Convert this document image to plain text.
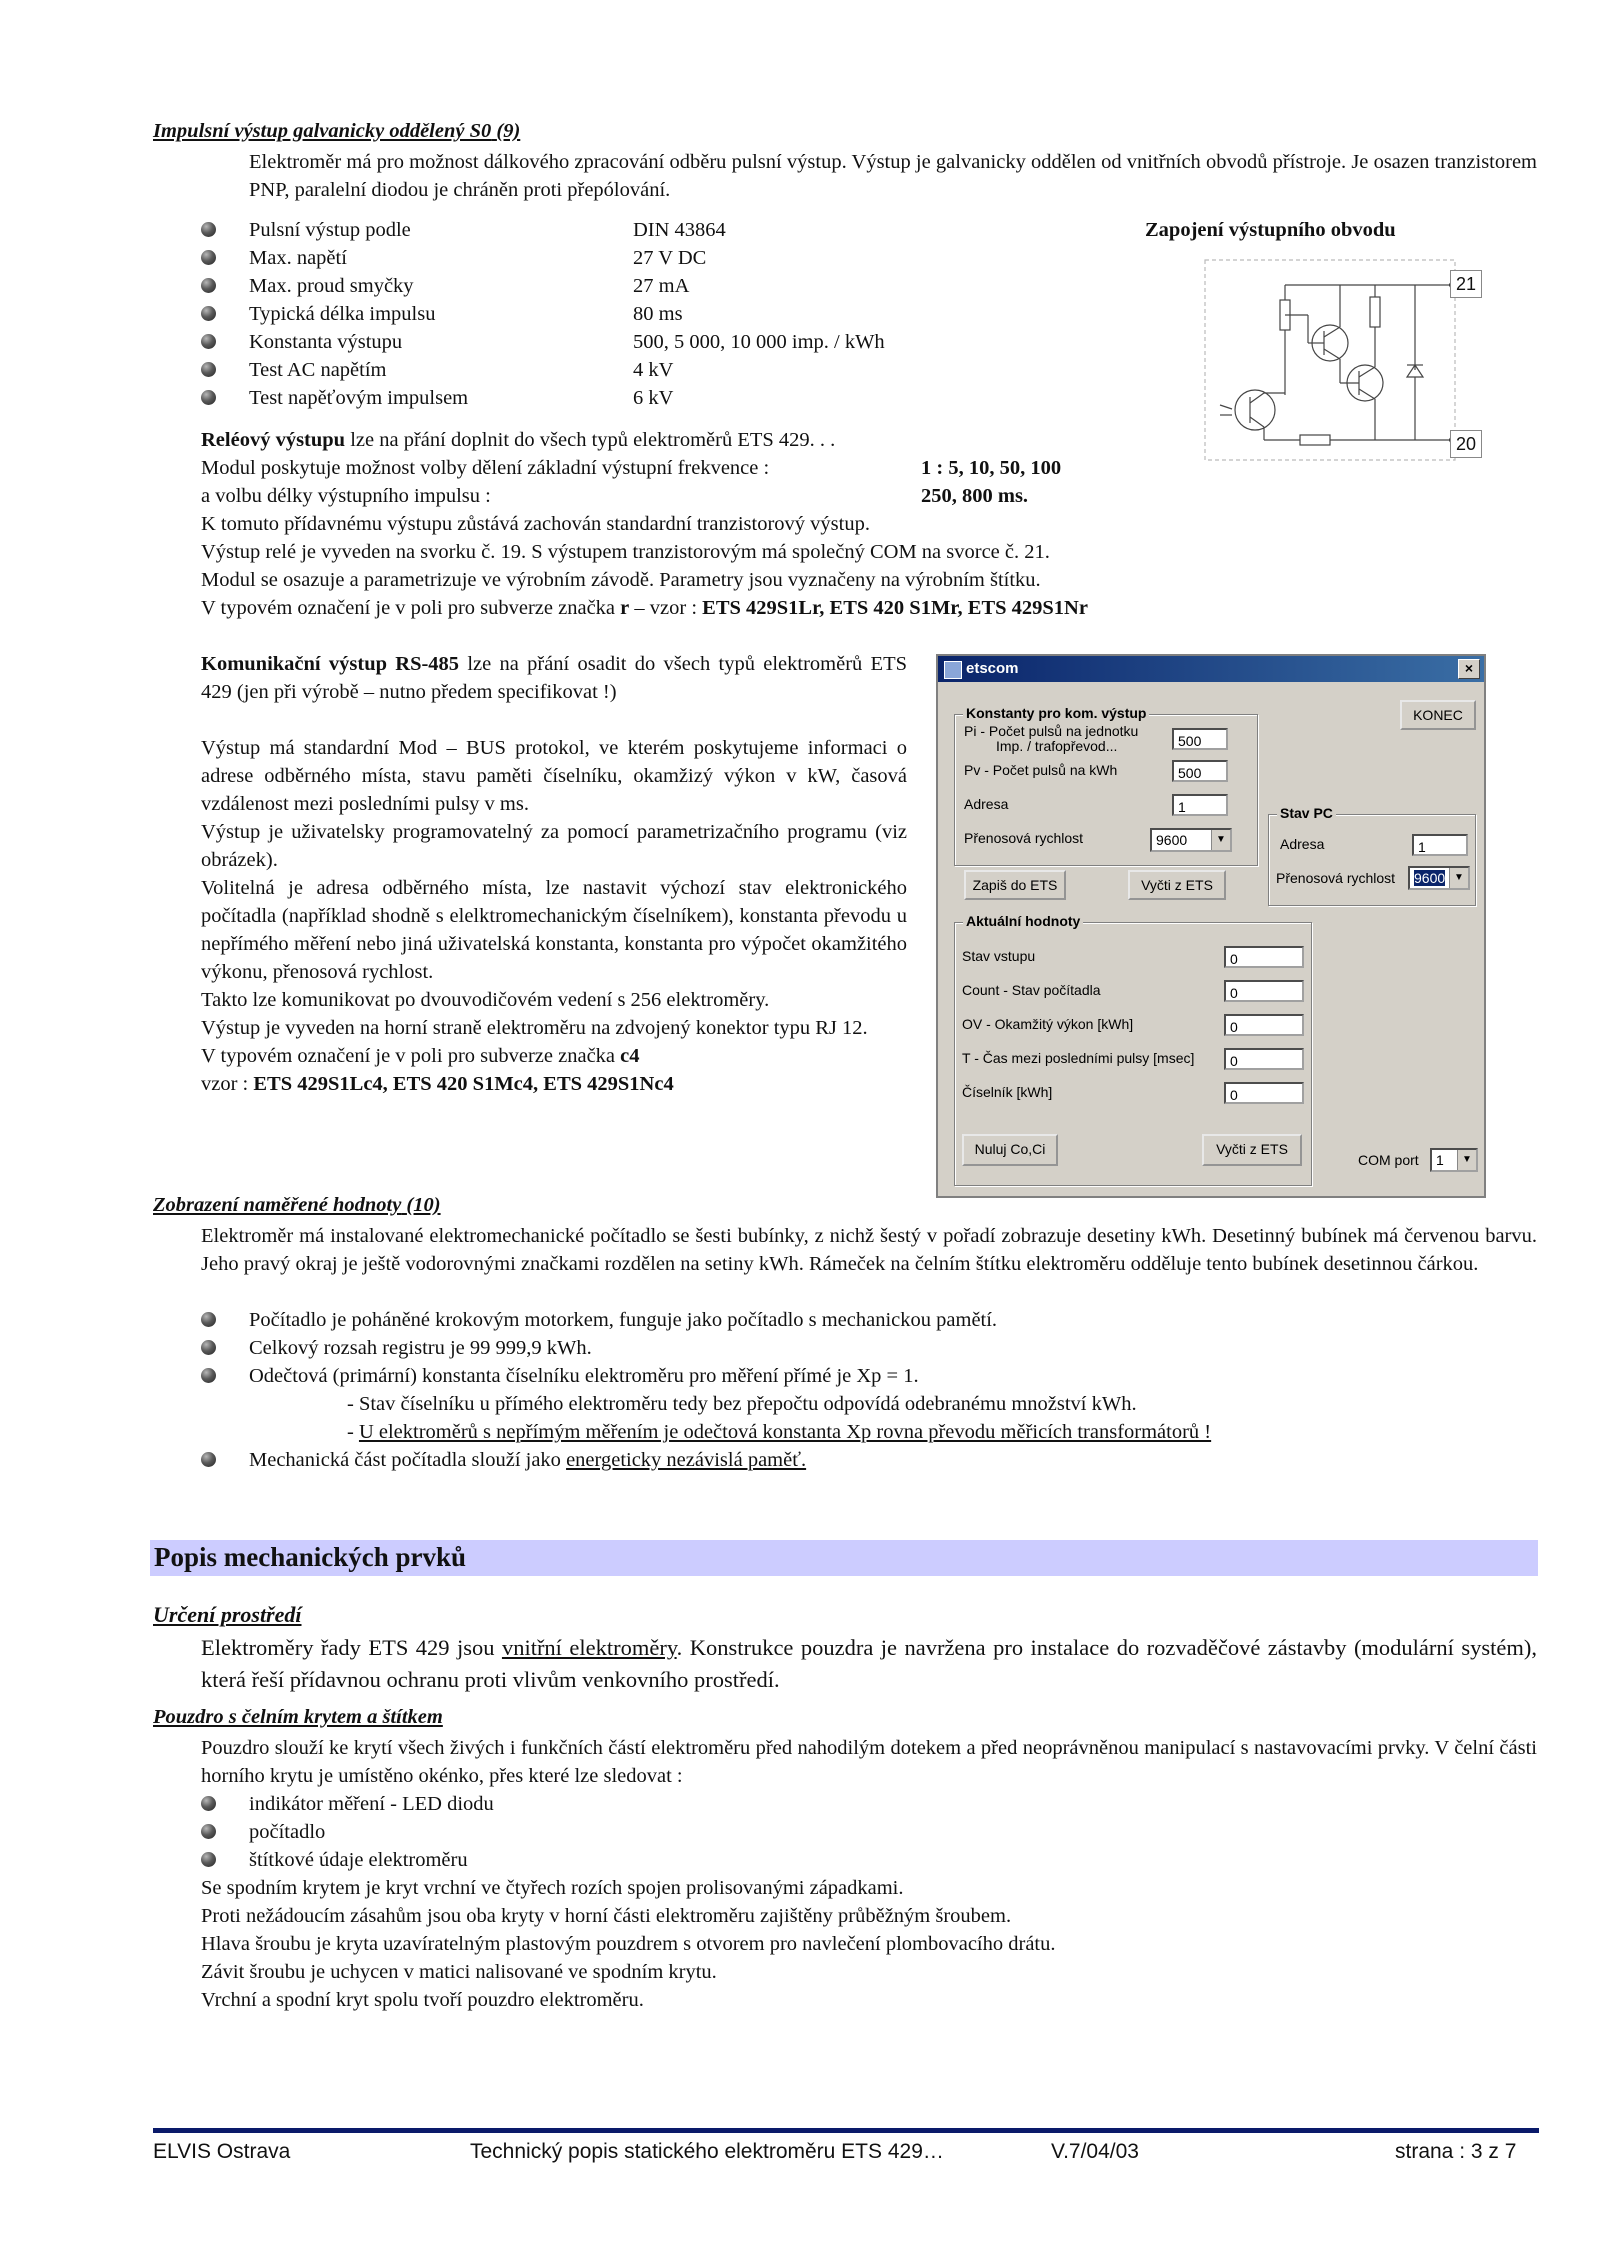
Impulsní výstup galvanicky oddělený S0 (9)
Elektroměr má pro možnost dálkového zpracování odběru pulsní výstup. Výstup je galvanicky oddělen od vnitřních obvodů přístroje. Je osazen tranzistorem PNP, paralelní diodou je chráněn proti přepólování.
Pulsní výstup podle	DIN 43864
Max. napětí	27 V DC
Max. proud smyčky	27 mA
Typická délka impulsu	80 ms
Konstanta výstupu	500, 5 000, 10 000 imp. / kWh
Test AC napětím	4 kV
Test napěťovým impulsem	6 kV
Zapojení výstupního obvodu
21
20
Reléový výstupu lze na přání doplnit do všech typů elektroměrů ETS 429. . .
Modul poskytuje možnost volby dělení základní výstupní frekvence :	1 : 5, 10, 50, 100
a volbu délky výstupního impulsu :	250, 800 ms.
K tomuto přídavnému výstupu zůstává zachován standardní tranzistorový výstup.
Výstup relé je vyveden na svorku č. 19. S výstupem tranzistorovým má společný COM na svorce č. 21.
Modul se osazuje a parametrizuje ve výrobním závodě. Parametry jsou vyznačeny na výrobním štítku.
V typovém označení je v poli pro subverze značka r – vzor : ETS 429S1Lr, ETS 420 S1Mr, ETS 429S1Nr
Komunikační výstup RS-485 lze na přání osadit do všech typů elektroměrů ETS 429 (jen při výrobě – nutno předem specifikovat !)
Výstup má standardní Mod – BUS protokol, ve kterém poskytujeme informaci o adrese odběrného místa, stavu paměti číselníku, okamžizý výkon v kW, časová vzdálenost mezi posledními pulsy v ms.
Výstup je uživatelsky programovatelný za pomocí parametrizačního programu (viz obrázek).
Volitelná je adresa odběrného místa, lze nastavit výchozí stav elektronického počítadla (například shodně s elelktromechanickým číselníkem), konstanta převodu u nepřímého měření nebo jiná uživatelská konstanta, konstanta pro výpočet okamžitého výkonu, přenosová rychlost.
Takto lze komunikovat po dvouvodičovém vedení s 256 elektroměry.
Výstup je vyveden na horní straně elektroměru na zdvojený konektor typu RJ 12.
V typovém označení je v poli pro subverze značka c4
vzor : ETS 429S1Lc4, ETS 420 S1Mc4, ETS 429S1Nc4
etscom	×
KONEC
Konstanty pro kom. výstup
Pi - Počet pulsů na jednotku
Imp. / trafopřevod...	500
Pv - Počet pulsů na kWh	500
Adresa	1
Přenosová rychlost	9600	▼
Zapiš do ETS	Vyčti z ETS
Stav PC
Adresa	1
Přenosová rychlost	9600 ▼
Aktuální hodnoty
Stav vstupu	0
Count - Stav počítadla	0
OV - Okamžitý výkon [kWh]	0
T - Čas mezi posledními pulsy [msec]	0
Číselník [kWh]	0
Nuluj Co,Ci	Vyčti z ETS
COM port	1	▼
Zobrazení naměřené hodnoty (10)
Elektroměr má instalované elektromechanické počítadlo se šesti bubínky, z nichž šestý v pořadí zobrazuje desetiny kWh. Desetinný bubínek má červenou barvu. Jeho pravý okraj je ještě vodorovnými značkami rozdělen na setiny kWh. Rámeček na čelním štítku elektroměru odděluje tento bubínek desetinnou čárkou.
Počítadlo je poháněné krokovým motorkem, funguje jako počítadlo s mechanickou pamětí.
Celkový rozsah registru je 99 999,9 kWh.
Odečtová (primární) konstanta číselníku elektroměru pro měření přímé je Xp = 1.
- Stav číselníku u přímého elektroměru tedy bez přepočtu odpovídá odebranému množství kWh.
- U elektroměrů s nepřímým měřením je odečtová konstanta Xp rovna převodu měřicích transformátorů !
Mechanická část počítadla slouží jako energeticky nezávislá paměť.
Popis mechanických prvků
Určení prostředí
Elektroměry řady ETS 429 jsou vnitřní elektroměry. Konstrukce pouzdra je navržena pro instalace do rozvaděčové zástavby (modulární systém), která řeší přídavnou ochranu proti vlivům venkovního prostředí.
Pouzdro s čelním krytem a štítkem
Pouzdro slouží ke krytí všech živých i funkčních částí elektroměru před nahodilým dotekem a před neoprávněnou manipulací s nastavovacími prvky. V čelní části horního krytu je umístěno okénko, přes které lze sledovat :
indikátor měření - LED diodu
počítadlo
štítkové údaje elektroměru
Se spodním krytem je kryt vrchní ve čtyřech rozích spojen prolisovanými západkami.
Proti nežádoucím zásahům jsou oba kryty v horní části elektroměru zajištěny průběžným šroubem.
Hlava šroubu je kryta uzavíratelným plastovým pouzdrem s otvorem pro navlečení plombovacího drátu.
Závit šroubu je uchycen v matici nalisované ve spodním krytu.
Vrchní a spodní kryt spolu tvoří pouzdro elektroměru.
ELVIS Ostrava	Technický popis statického elektroměru ETS 429…	V.7/04/03	strana : 3 z 7
